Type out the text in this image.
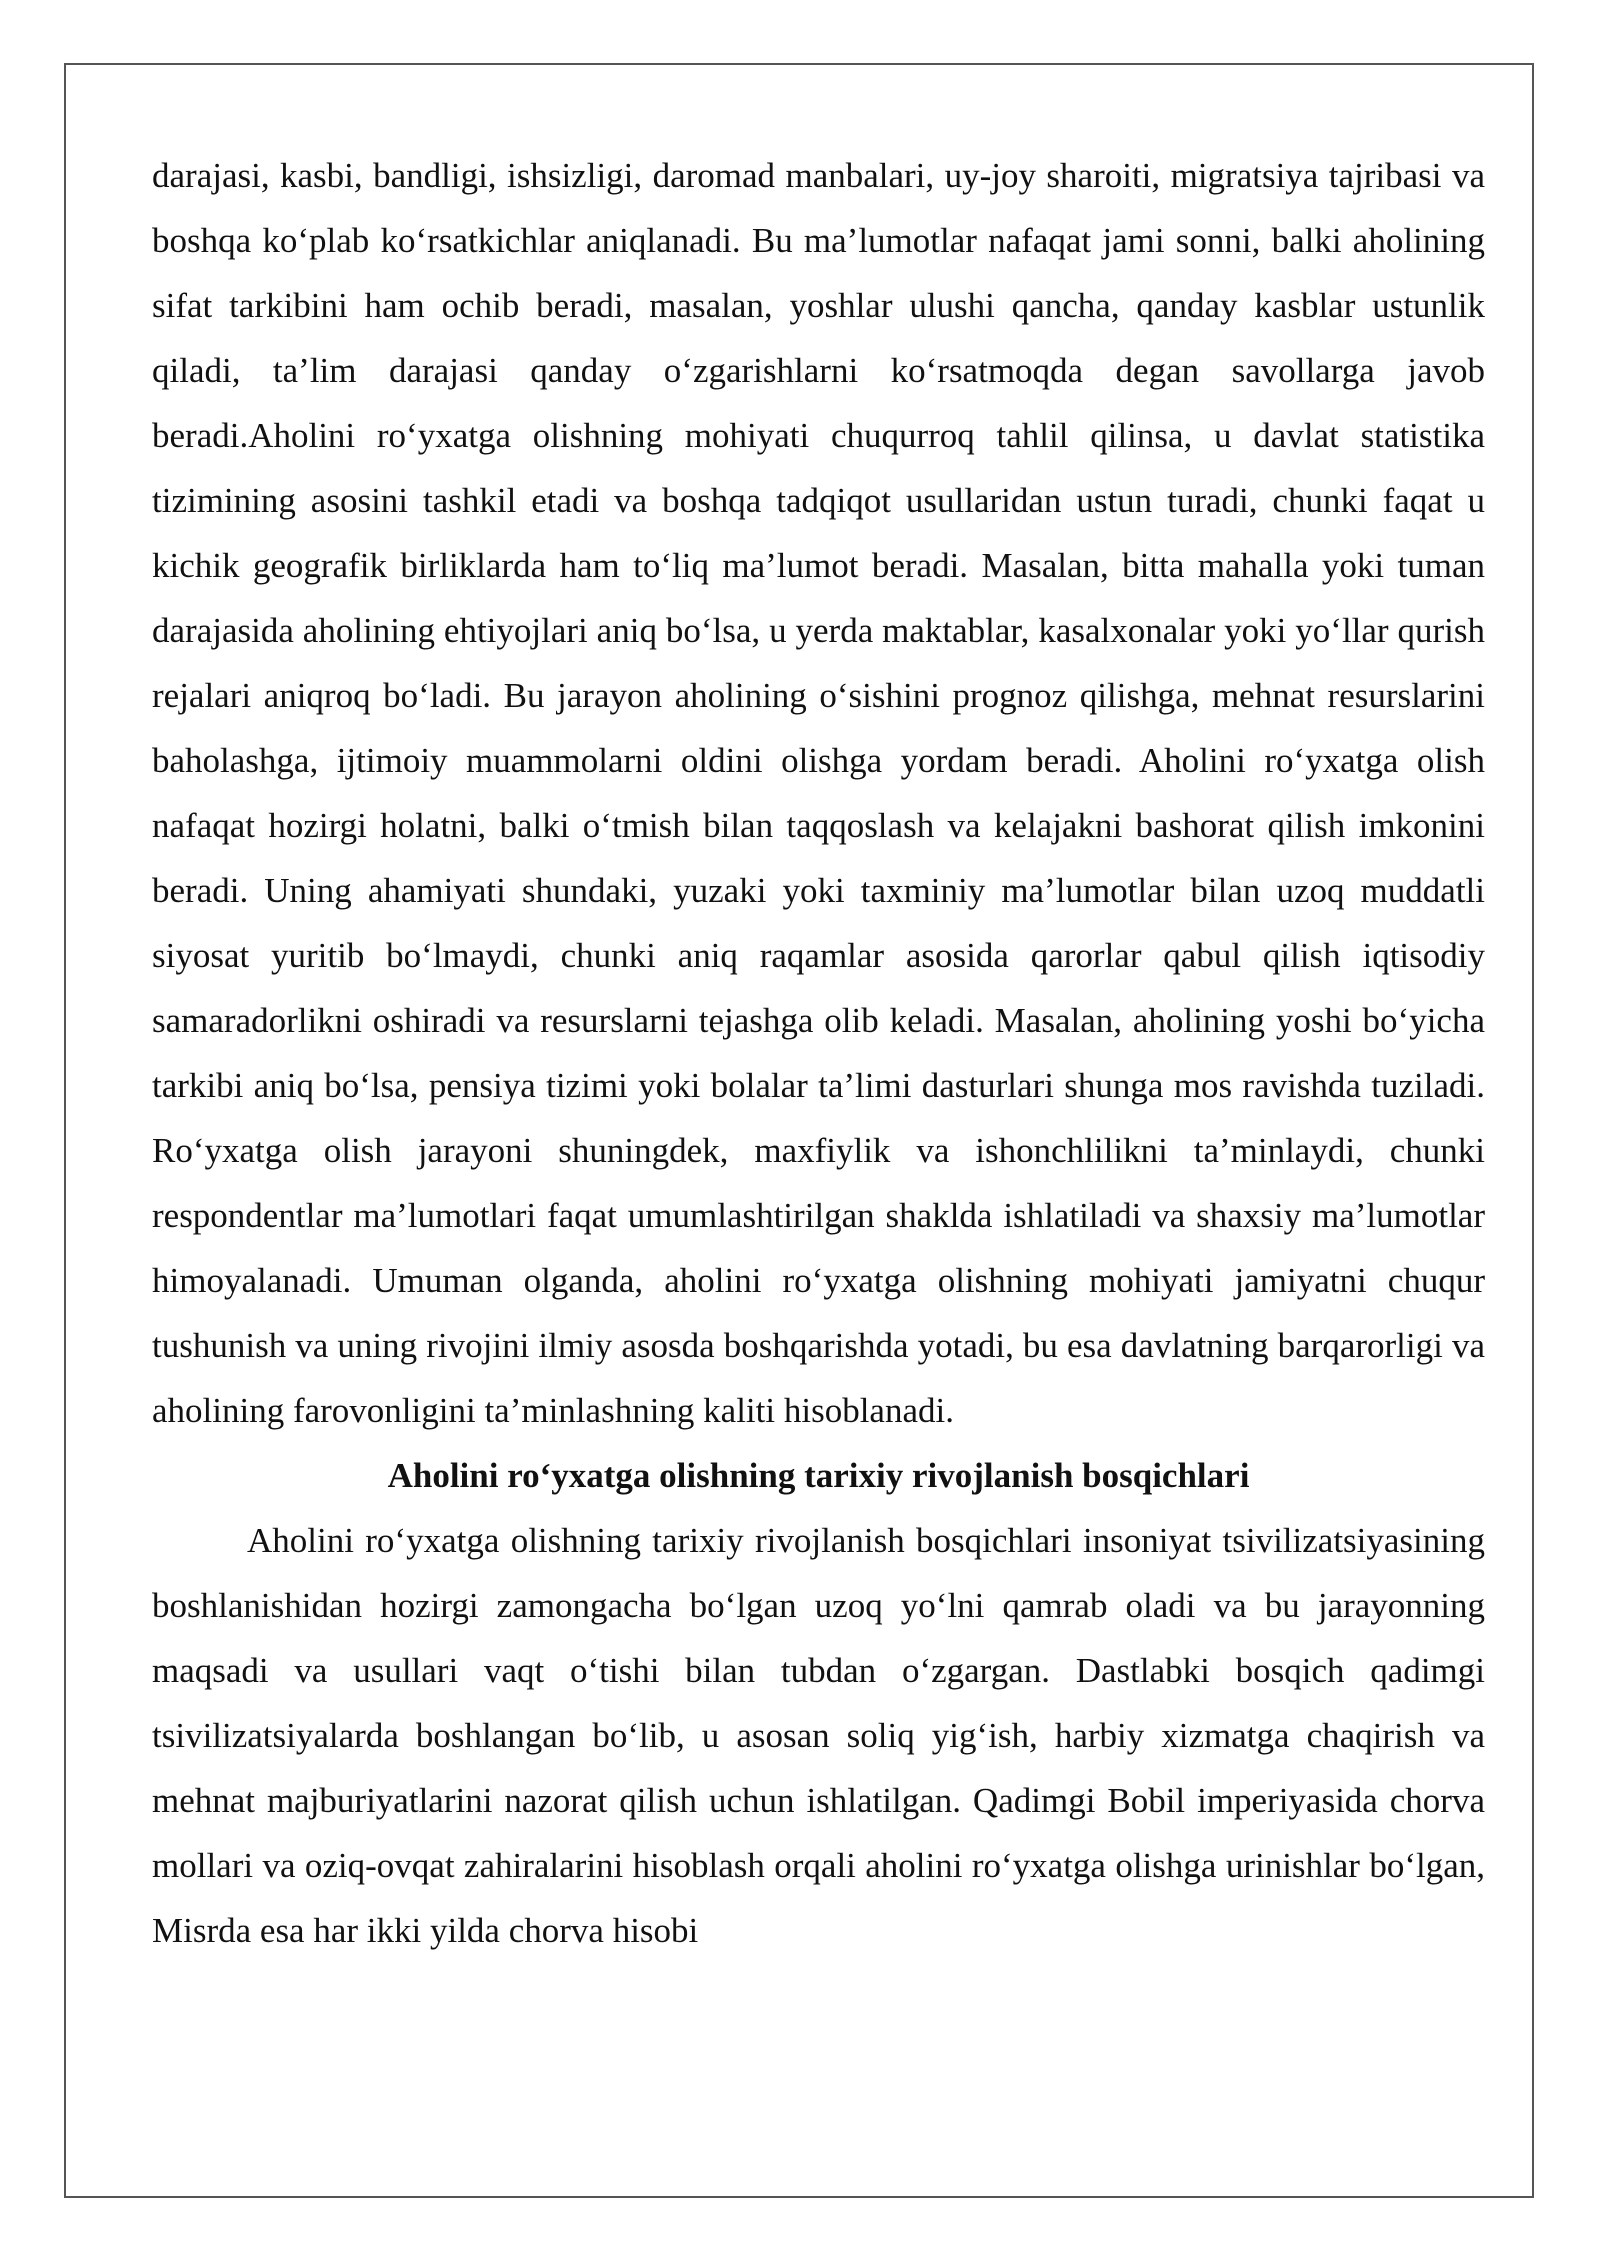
darajasi, kasbi, bandligi, ishsizligi, daromad manbalari, uy-joy sharoiti, migratsiya tajribasi va boshqa ko‘plab ko‘rsatkichlar aniqlanadi. Bu ma’lumotlar nafaqat jami sonni, balki aholining sifat tarkibini ham ochib beradi, masalan, yoshlar ulushi qancha, qanday kasblar ustunlik qiladi, ta’lim darajasi qanday o‘zgarishlarni ko‘rsatmoqda degan savollarga javob beradi.Aholini ro‘yxatga olishning mohiyati chuqurroq tahlil qilinsa, u davlat statistika tizimining asosini tashkil etadi va boshqa tadqiqot usullaridan ustun turadi, chunki faqat u kichik geografik birliklarda ham to‘liq ma’lumot beradi. Masalan, bitta mahalla yoki tuman darajasida aholining ehtiyojlari aniq bo‘lsa, u yerda maktablar, kasalxonalar yoki yo‘llar qurish rejalari aniqroq bo‘ladi. Bu jarayon aholining o‘sishini prognoz qilishga, mehnat resurslarini baholashga, ijtimoiy muammolarni oldini olishga yordam beradi. Aholini ro‘yxatga olish nafaqat hozirgi holatni, balki o‘tmish bilan taqqoslash va kelajakni bashorat qilish imkonini beradi. Uning ahamiyati shundaki, yuzaki yoki taxminiy ma’lumotlar bilan uzoq muddatli siyosat yuritib bo‘lmaydi, chunki aniq raqamlar asosida qarorlar qabul qilish iqtisodiy samaradorlikni oshiradi va resurslarni tejashga olib keladi. Masalan, aholining yoshi bo‘yicha tarkibi aniq bo‘lsa, pensiya tizimi yoki bolalar ta’limi dasturlari shunga mos ravishda tuziladi. Ro‘yxatga olish jarayoni shuningdek, maxfiylik va ishonchlilikni ta’minlaydi, chunki respondentlar ma’lumotlari faqat umumlashtirilgan shaklda ishlatiladi va shaxsiy ma’lumotlar himoyalanadi. Umuman olganda, aholini ro‘yxatga olishning mohiyati jamiyatni chuqur tushunish va uning rivojini ilmiy asosda boshqarishda yotadi, bu esa davlatning barqarorligi va aholining farovonligini ta’minlashning kaliti hisoblanadi.

Aholini ro‘yxatga olishning tarixiy rivojlanish bosqichlari

Aholini ro‘yxatga olishning tarixiy rivojlanish bosqichlari insoniyat tsivilizatsiyasining boshlanishidan hozirgi zamongacha bo‘lgan uzoq yo‘lni qamrab oladi va bu jarayonning maqsadi va usullari vaqt o‘tishi bilan tubdan o‘zgargan. Dastlabki bosqich qadimgi tsivilizatsiyalarda boshlangan bo‘lib, u asosan soliq yig‘ish, harbiy xizmatga chaqirish va mehnat majburiyatlarini nazorat qilish uchun ishlatilgan. Qadimgi Bobil imperiyasida chorva mollari va oziq-ovqat zahiralarini hisoblash orqali aholini ro‘yxatga olishga urinishlar bo‘lgan, Misrda esa har ikki yilda chorva hisobi
